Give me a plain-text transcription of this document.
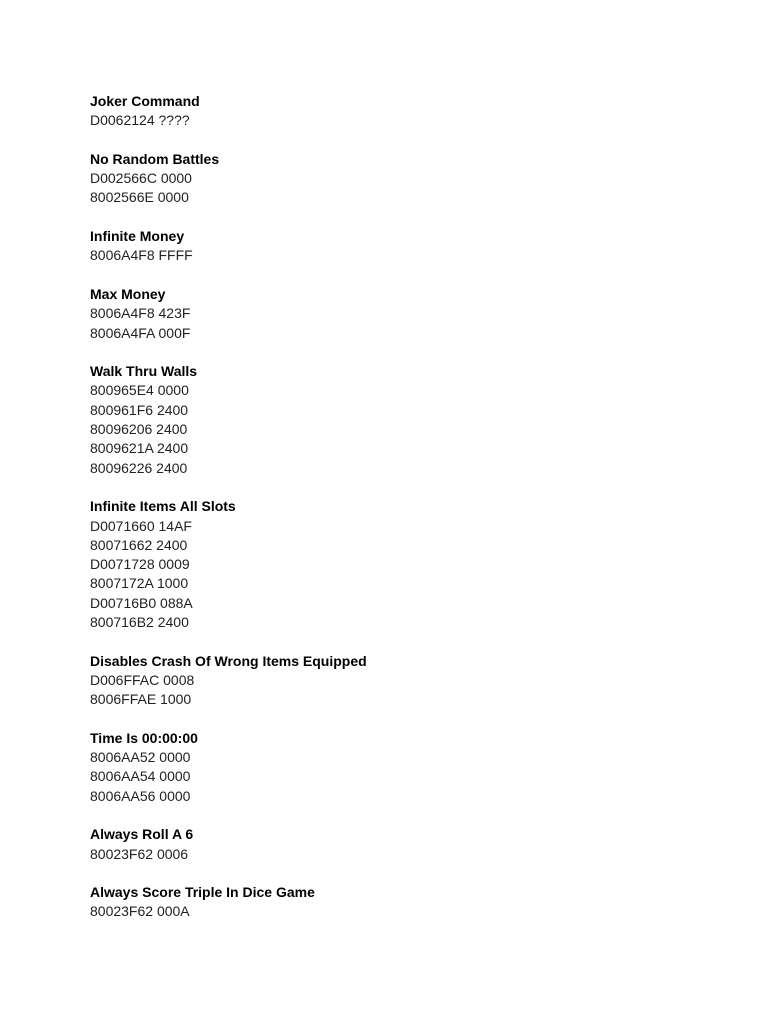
Joker Command
D0062124 ????
No Random Battles
D002566C 0000
8002566E 0000
Infinite Money
8006A4F8 FFFF
Max Money
8006A4F8 423F
8006A4FA 000F
Walk Thru Walls
800965E4 0000
800961F6 2400
80096206 2400
8009621A 2400
80096226 2400
Infinite Items All Slots
D0071660 14AF
80071662 2400
D0071728 0009
8007172A 1000
D00716B0 088A
800716B2 2400
Disables Crash Of Wrong Items Equipped
D006FFAC 0008
8006FFAE 1000
Time Is 00:00:00
8006AA52 0000
8006AA54 0000
8006AA56 0000
Always Roll A 6
80023F62 0006
Always Score Triple In Dice Game
80023F62 000A
